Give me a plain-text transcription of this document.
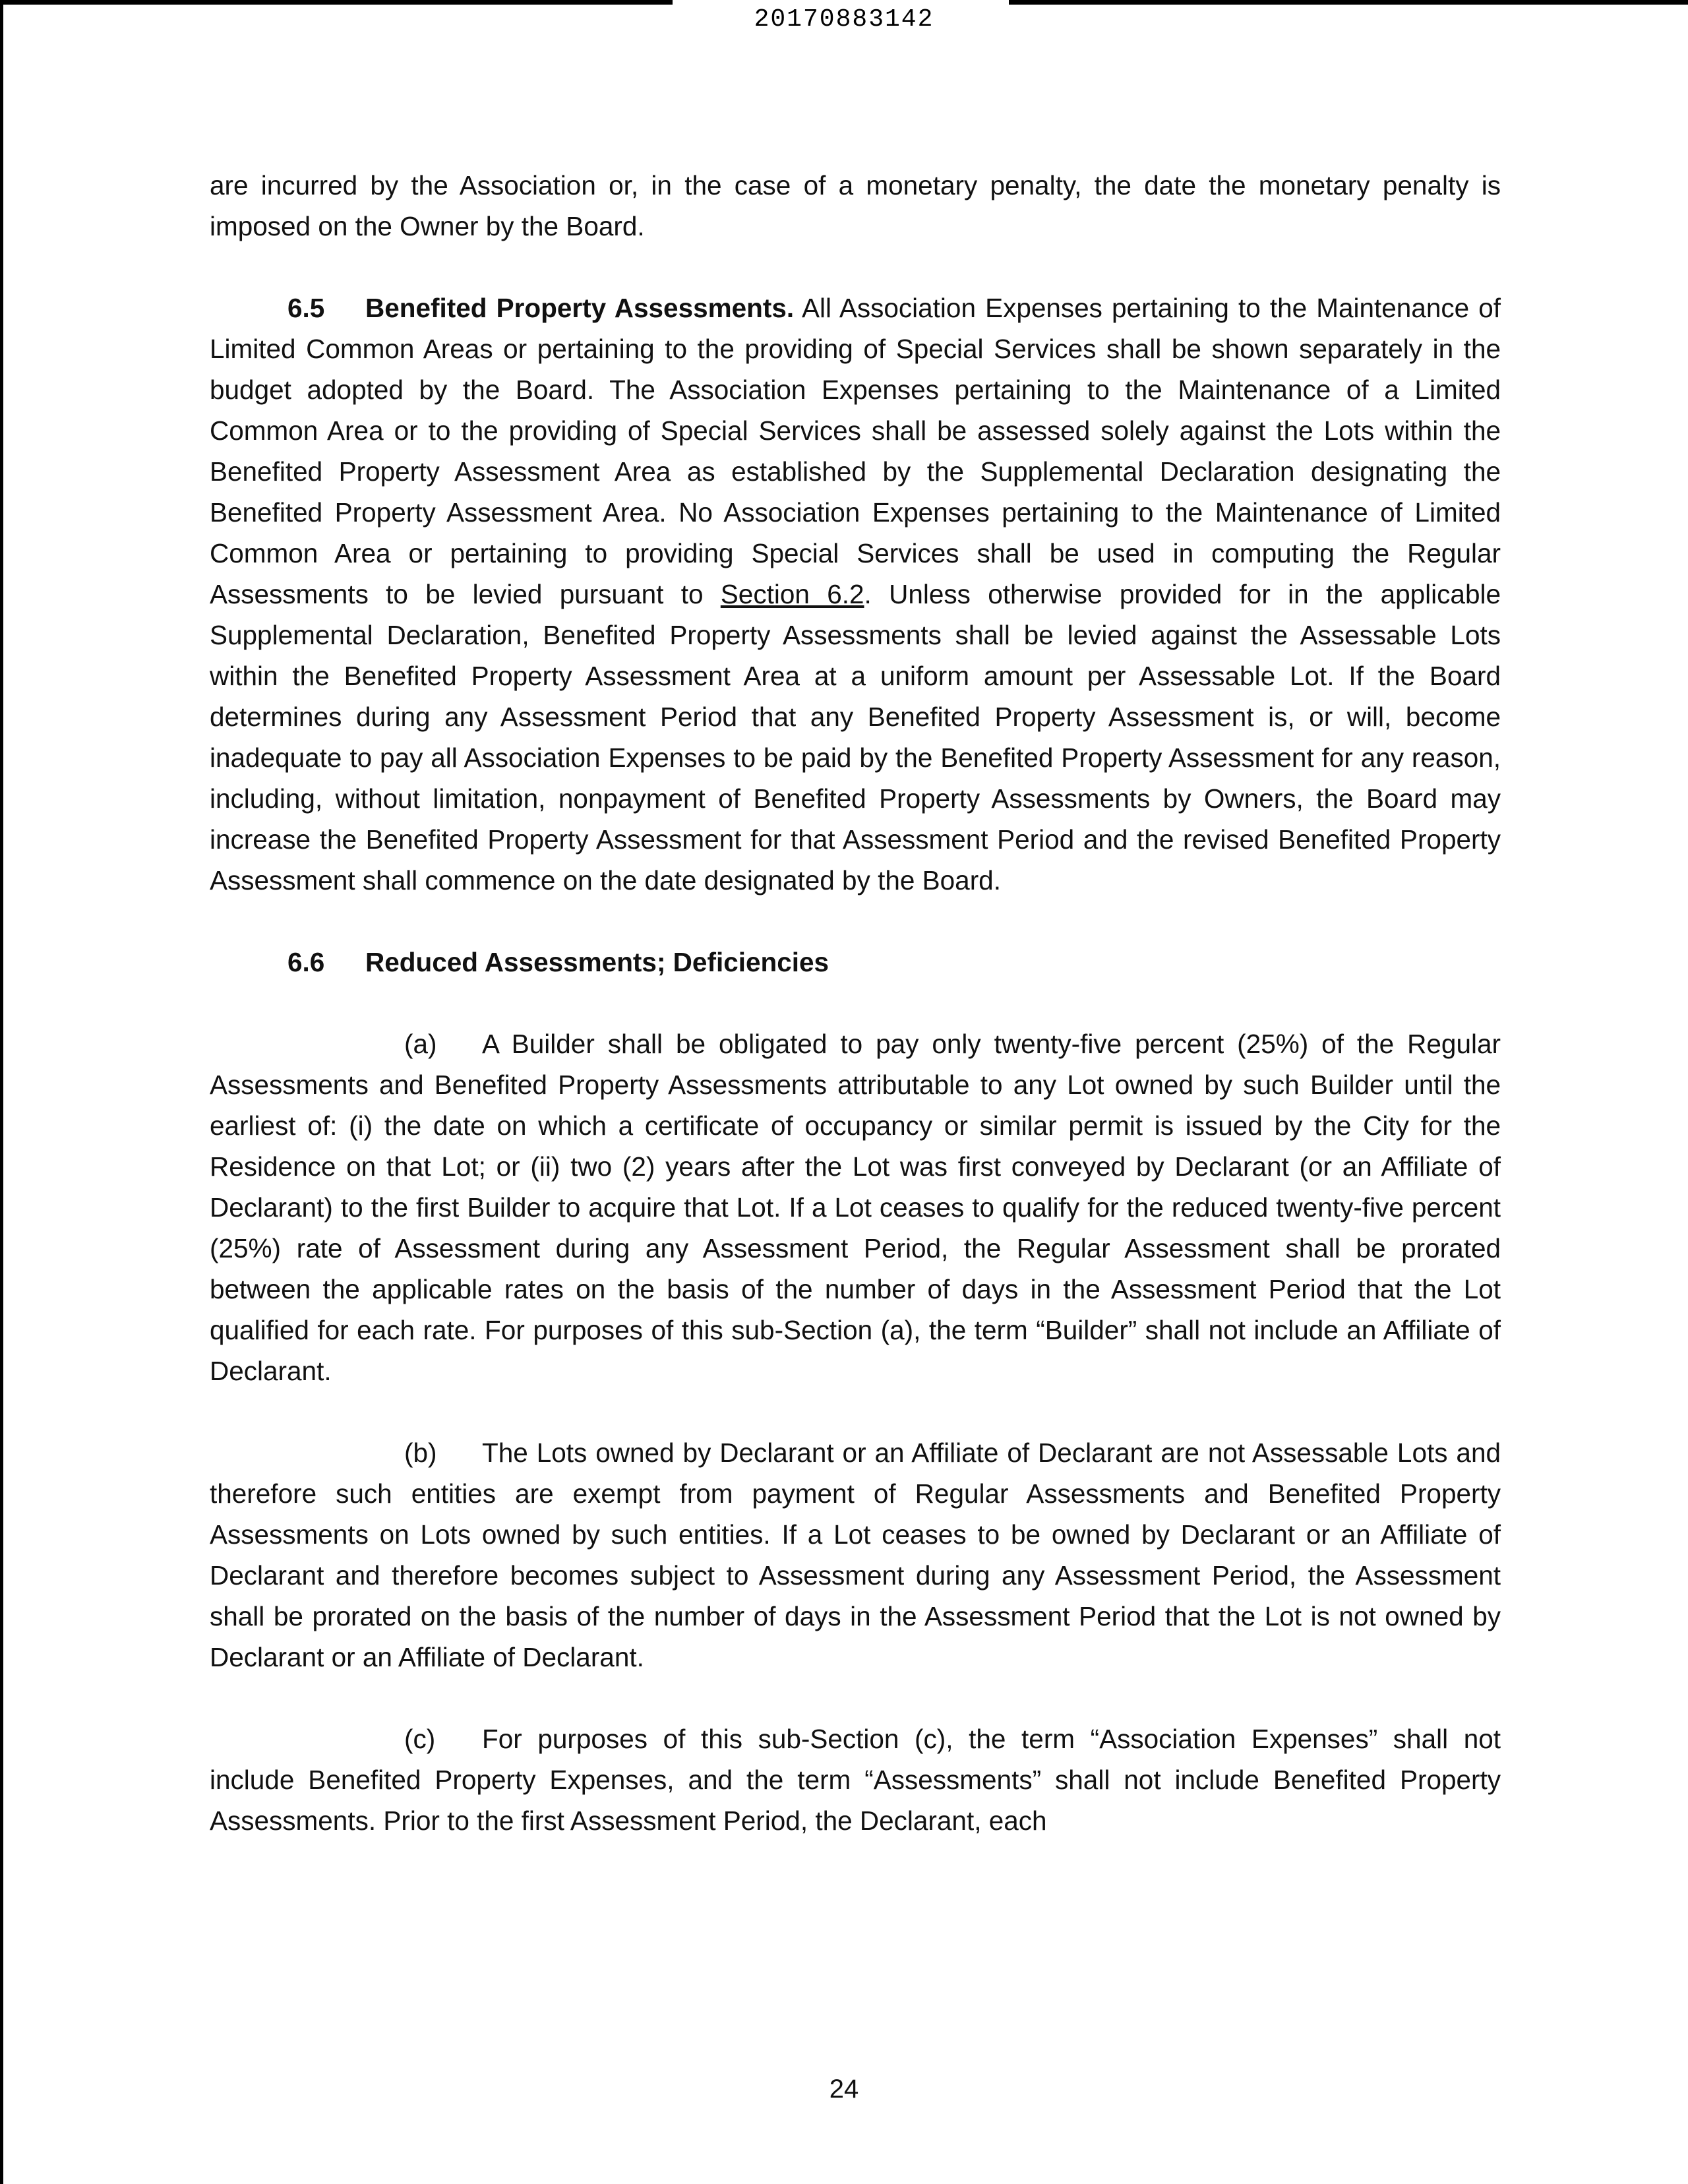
20170883142

are incurred by the Association or, in the case of a monetary penalty, the date the monetary penalty is imposed on the Owner by the Board.

6.5 Benefited Property Assessments. All Association Expenses pertaining to the Maintenance of Limited Common Areas or pertaining to the providing of Special Services shall be shown separately in the budget adopted by the Board. The Association Expenses pertaining to the Maintenance of a Limited Common Area or to the providing of Special Services shall be assessed solely against the Lots within the Benefited Property Assessment Area as established by the Supplemental Declaration designating the Benefited Property Assessment Area. No Association Expenses pertaining to the Maintenance of Limited Common Area or pertaining to providing Special Services shall be used in computing the Regular Assessments to be levied pursuant to Section 6.2. Unless otherwise provided for in the applicable Supplemental Declaration, Benefited Property Assessments shall be levied against the Assessable Lots within the Benefited Property Assessment Area at a uniform amount per Assessable Lot. If the Board determines during any Assessment Period that any Benefited Property Assessment is, or will, become inadequate to pay all Association Expenses to be paid by the Benefited Property Assessment for any reason, including, without limitation, nonpayment of Benefited Property Assessments by Owners, the Board may increase the Benefited Property Assessment for that Assessment Period and the revised Benefited Property Assessment shall commence on the date designated by the Board.

6.6 Reduced Assessments; Deficiencies

(a) A Builder shall be obligated to pay only twenty-five percent (25%) of the Regular Assessments and Benefited Property Assessments attributable to any Lot owned by such Builder until the earliest of: (i) the date on which a certificate of occupancy or similar permit is issued by the City for the Residence on that Lot; or (ii) two (2) years after the Lot was first conveyed by Declarant (or an Affiliate of Declarant) to the first Builder to acquire that Lot. If a Lot ceases to qualify for the reduced twenty-five percent (25%) rate of Assessment during any Assessment Period, the Regular Assessment shall be prorated between the applicable rates on the basis of the number of days in the Assessment Period that the Lot qualified for each rate. For purposes of this sub-Section (a), the term “Builder” shall not include an Affiliate of Declarant.

(b) The Lots owned by Declarant or an Affiliate of Declarant are not Assessable Lots and therefore such entities are exempt from payment of Regular Assessments and Benefited Property Assessments on Lots owned by such entities. If a Lot ceases to be owned by Declarant or an Affiliate of Declarant and therefore becomes subject to Assessment during any Assessment Period, the Assessment shall be prorated on the basis of the number of days in the Assessment Period that the Lot is not owned by Declarant or an Affiliate of Declarant.

(c) For purposes of this sub-Section (c), the term “Association Expenses” shall not include Benefited Property Expenses, and the term “Assessments” shall not include Benefited Property Assessments. Prior to the first Assessment Period, the Declarant, each

24
